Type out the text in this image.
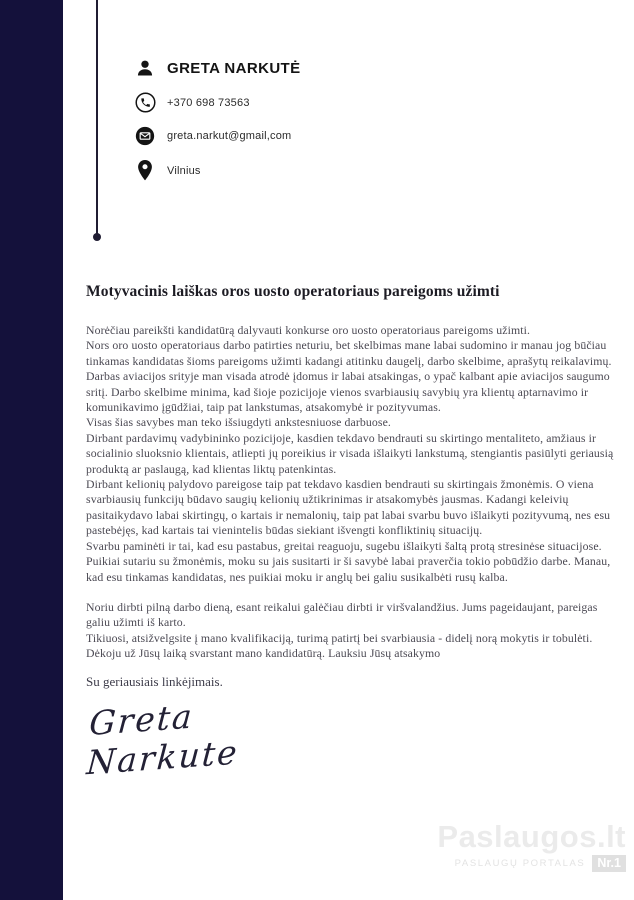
GRETA NARKUTĖ
+370 698 73563
greta.narkut@gmail,com
Vilnius
Motyvacinis laiškas oros uosto operatoriaus pareigoms užimti

Norėčiau pareikšti kandidatūrą dalyvauti konkurse oro uosto operatoriaus pareigoms užimti.

Nors oro uosto operatoriaus darbo patirties neturiu, bet skelbimas mane labai sudomino ir manau jog būčiau tinkamas kandidatas šioms pareigoms užimti kadangi atitinku daugelį, darbo skelbime, aprašytų reikalavimų.

Darbas aviacijos srityje man visada atrodė įdomus ir labai atsakingas, o ypač kalbant apie aviacijos saugumo sritį. Darbo skelbime minima, kad šioje pozicijoje vienos svarbiausių savybių yra klientų aptarnavimo ir komunikavimo įgūdžiai, taip pat lankstumas, atsakomybė ir pozityvumas.

Visas šias savybes man teko išsiugdyti ankstesniuose darbuose.

Dirbant pardavimų vadybininko pozicijoje, kasdien tekdavo bendrauti su skirtingo mentaliteto, amžiaus ir socialinio sluoksnio klientais, atliepti jų poreikius ir visada išlaikyti lankstumą, stengiantis pasiūlyti geriausią produktą ar paslaugą, kad klientas liktų patenkintas.

Dirbant kelionių palydovo pareigose taip pat tekdavo kasdien bendrauti su skirtingais žmonėmis. O viena svarbiausių funkcijų būdavo saugių kelionių užtikrinimas ir atsakomybės jausmas. Kadangi keleivių pasitaikydavo labai skirtingų, o kartais ir nemalonių, taip pat labai svarbu buvo išlaikyti pozityvumą, nes esu pastebėjęs, kad kartais tai vienintelis būdas siekiant išvengti konfliktinių situacijų.

Svarbu paminėti ir tai, kad esu pastabus, greitai reaguoju, sugebu išlaikyti šaltą protą stresinėse situacijose. Puikiai sutariu su žmonėmis, moku su jais susitarti ir ši savybė labai praverčia tokio pobūdžio darbe. Manau, kad esu tinkamas kandidatas, nes puikiai moku ir anglų bei galiu susikalbėti rusų kalba.

Noriu dirbti pilną darbo dieną, esant reikalui galėčiau dirbti ir viršvalandžius. Jums pageidaujant, pareigas galiu užimti iš karto.

Tikiuosi, atsižvelgsite į mano kvalifikaciją, turimą patirtį bei svarbiausia - didelį norą mokytis ir tobulėti. Dėkoju už Jūsų laiką svarstant mano kandidatūrą. Lauksiu Jūsų atsakymo

Su geriausiais linkėjimais.
Greta Narkute
Paslaugos.lt
PASLAUGŲ PORTALAS Nr.1
